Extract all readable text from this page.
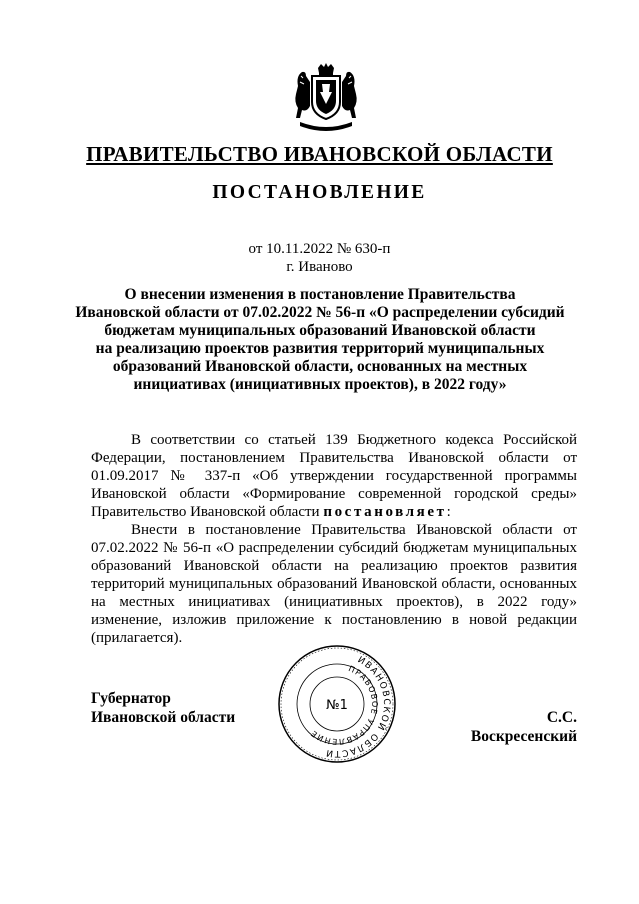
ПРАВИТЕЛЬСТВО ИВАНОВСКОЙ ОБЛАСТИ
ПОСТАНОВЛЕНИЕ
от 10.11.2022 № 630-п
г. Иваново
О внесении изменения в постановление Правительства
Ивановской области от 07.02.2022 № 56-п «О распределении субсидий
бюджетам муниципальных образований Ивановской области
на реализацию проектов развития территорий муниципальных
образований Ивановской области, основанных на местных
инициативах (инициативных проектов), в 2022 году»

В соответствии со статьей 139 Бюджетного кодекса Российской Федерации, постановлением Правительства Ивановской области от 01.09.2017 № 337-п «Об утверждении государственной программы Ивановской области «Формирование современной городской среды» Правительство Ивановской области постановляет:

Внести в постановление Правительства Ивановской области от 07.02.2022 № 56-п «О распределении субсидий бюджетам муниципальных образований Ивановской области на реализацию проектов развития территорий муниципальных образований Ивановской области, основанных на местных инициативах (инициативных проектов), в 2022 году» изменение, изложив приложение к постановлению в новой редакции (прилагается).

Губернатор
Ивановской области
ИВАНОВСКОЙ ОБЛАСТИ
ПРАВОВОЕ УПРАВЛЕНИЕ
№1
С.С. Воскресенский
